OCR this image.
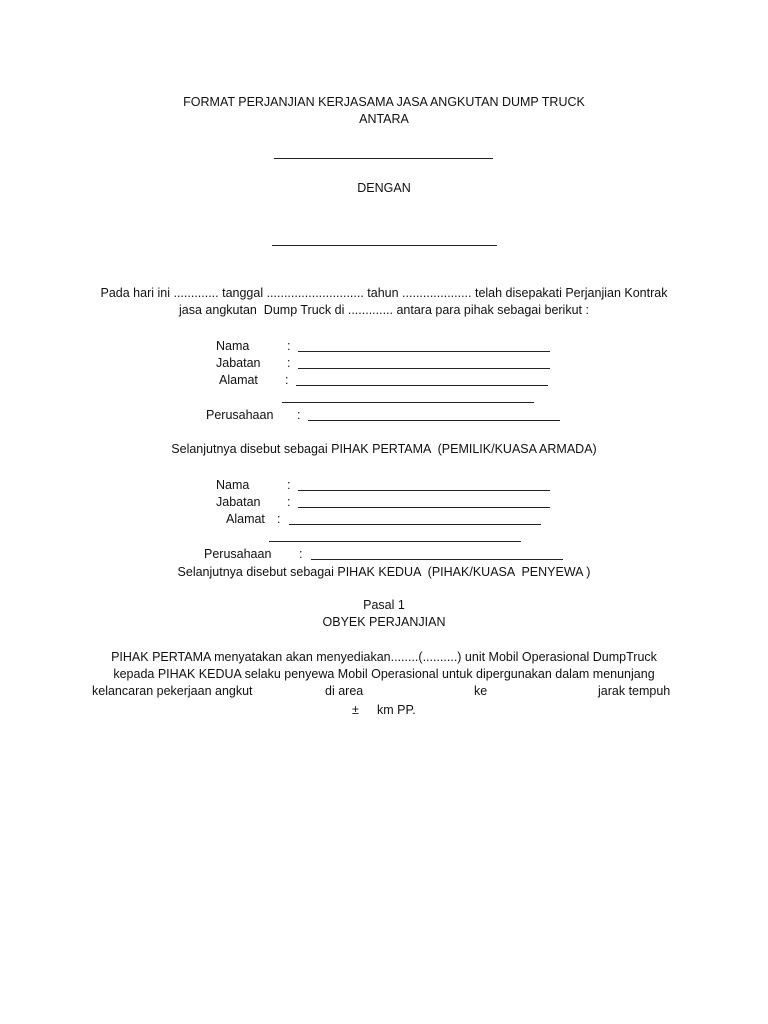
FORMAT PERJANJIAN KERJASAMA JASA ANGKUTAN DUMP TRUCK
ANTARA
DENGAN
Pada hari ini ............. tanggal ............................ tahun .................... telah disepakati Perjanjian Kontrak
jasa angkutan  Dump Truck di ............. antara para pihak sebagai berikut :
Nama	:
Jabatan :
Alamat :
Perusahaan :
Selanjutnya disebut sebagai PIHAK PERTAMA  (PEMILIK/KUASA ARMADA)
Nama	:
Jabatan :
Alamat :
Perusahaan :
Selanjutnya disebut sebagai PIHAK KEDUA  (PIHAK/KUASA  PENYEWA )
Pasal 1
OBYEK PERJANJIAN
PIHAK PERTAMA menyatakan akan menyediakan........(..........) unit Mobil Operasional DumpTruck
kepada PIHAK KEDUA selaku penyewa Mobil Operasional untuk dipergunakan dalam menunjang
kelancaran pekerjaan angkut	di area	ke	jarak tempuh
± km PP.
